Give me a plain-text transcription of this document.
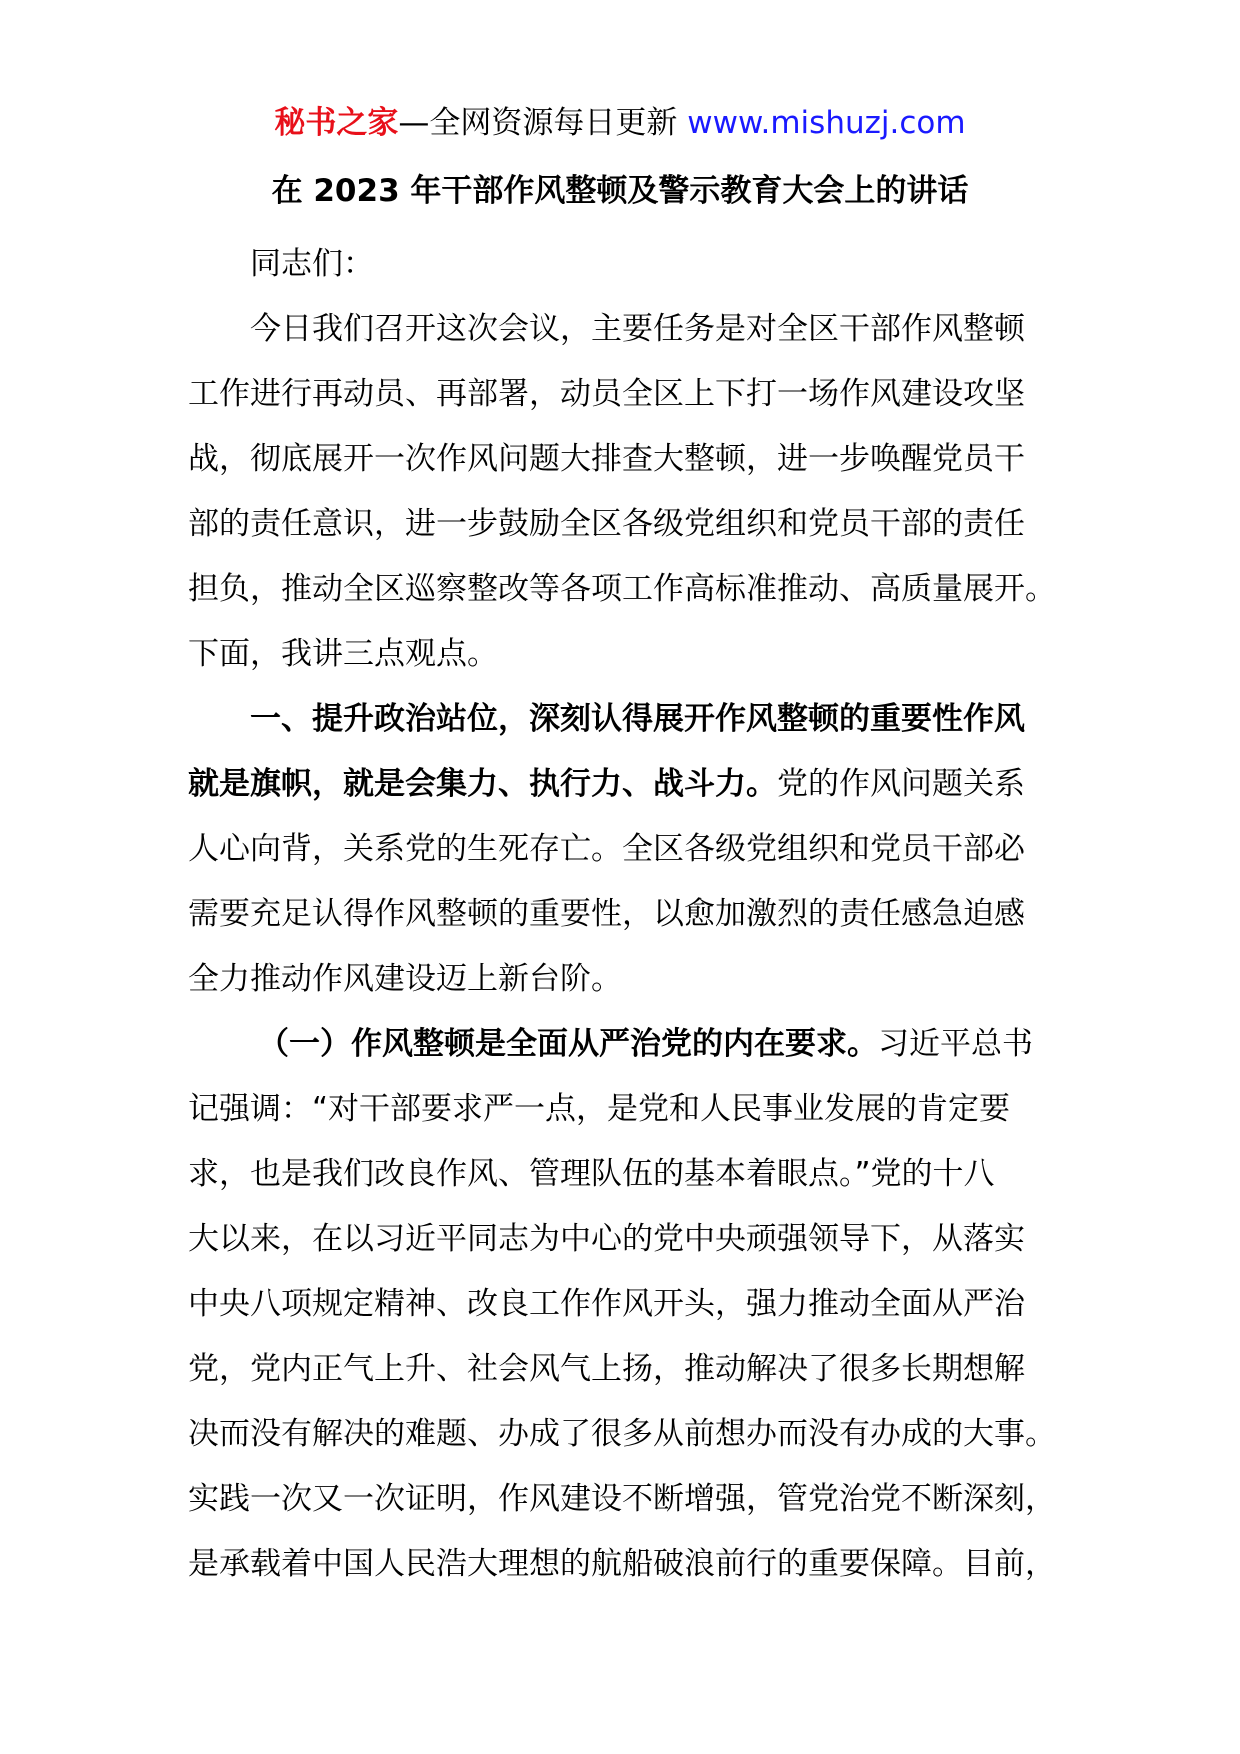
秘书之家—全网资源每日更新 www.mishuzj.com
在 2023 年干部作风整顿及警示教育大会上的讲话
同志们：
今日我们召开这次会议，主要任务是对全区干部作风整顿
工作进行再动员、再部署，动员全区上下打一场作风建设攻坚
战，彻底展开一次作风问题大排查大整顿，进一步唤醒党员干
部的责任意识，进一步鼓励全区各级党组织和党员干部的责任
担负，推动全区巡察整改等各项工作高标准推动、高质量展开。
下面，我讲三点观点。
一、提升政治站位，深刻认得展开作风整顿的重要性作风
就是旗帜，就是会集力、执行力、战斗力。党的作风问题关系
人心向背，关系党的生死存亡。全区各级党组织和党员干部必
需要充足认得作风整顿的重要性，以愈加激烈的责任感急迫感
全力推动作风建设迈上新台阶。
（一）作风整顿是全面从严治党的内在要求。习近平总书
记强调：“对干部要求严一点，是党和人民事业发展的肯定要
求，也是我们改良作风、管理队伍的基本着眼点。”党的十八
大以来，在以习近平同志为中心的党中央顽强领导下，从落实
中央八项规定精神、改良工作作风开头，强力推动全面从严治
党，党内正气上升、社会风气上扬，推动解决了很多长期想解
决而没有解决的难题、办成了很多从前想办而没有办成的大事。
实践一次又一次证明，作风建设不断增强，管党治党不断深刻，
是承载着中国人民浩大理想的航船破浪前行的重要保障。目前，
